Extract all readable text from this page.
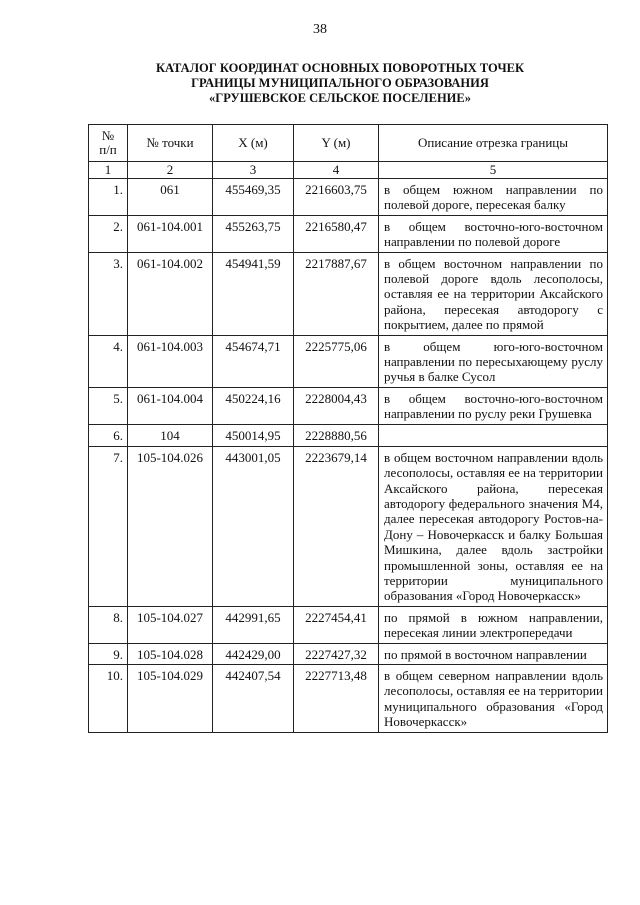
38
КАТАЛОГ КООРДИНАТ ОСНОВНЫХ ПОВОРОТНЫХ ТОЧЕК
ГРАНИЦЫ МУНИЦИПАЛЬНОГО ОБРАЗОВАНИЯ
«ГРУШЕВСКОЕ СЕЛЬСКОЕ ПОСЕЛЕНИЕ»
№
п/п	№ точки	X (м)	Y (м)	Описание отрезка границы
1	2	3	4	5
1.	061	455469,35	2216603,75	в общем южном направлении по полевой дороге, пересекая балку
2.	061-104.001	455263,75	2216580,47	в общем восточно-юго-восточном направлении по полевой дороге
3.	061-104.002	454941,59	2217887,67	в общем восточном направлении по полевой дороге вдоль лесополосы, оставляя ее на территории Аксайского района, пересекая автодорогу с покрытием, далее по прямой
4.	061-104.003	454674,71	2225775,06	в общем юго-юго-восточном направлении по пересыхающему руслу ручья в балке Сусол
5.	061-104.004	450224,16	2228004,43	в общем восточно-юго-восточном направлении по руслу реки Грушевка
6.	104	450014,95	2228880,56	
7.	105-104.026	443001,05	2223679,14	в общем восточном направлении вдоль лесополосы, оставляя ее на территории Аксайского района, пересекая автодорогу федерального значения М4, далее пересекая автодорогу Ростов-на-Дону – Новочеркасск и балку Большая Мишкина, далее вдоль застройки промышленной зоны, оставляя ее на территории муниципального образования «Город Новочеркасск»
8.	105-104.027	442991,65	2227454,41	по прямой в южном направлении, пересекая линии электропередачи
9.	105-104.028	442429,00	2227427,32	по прямой в восточном направлении
10.	105-104.029	442407,54	2227713,48	в общем северном направлении вдоль лесополосы, оставляя ее на территории муниципального образования «Город Новочеркасск»
